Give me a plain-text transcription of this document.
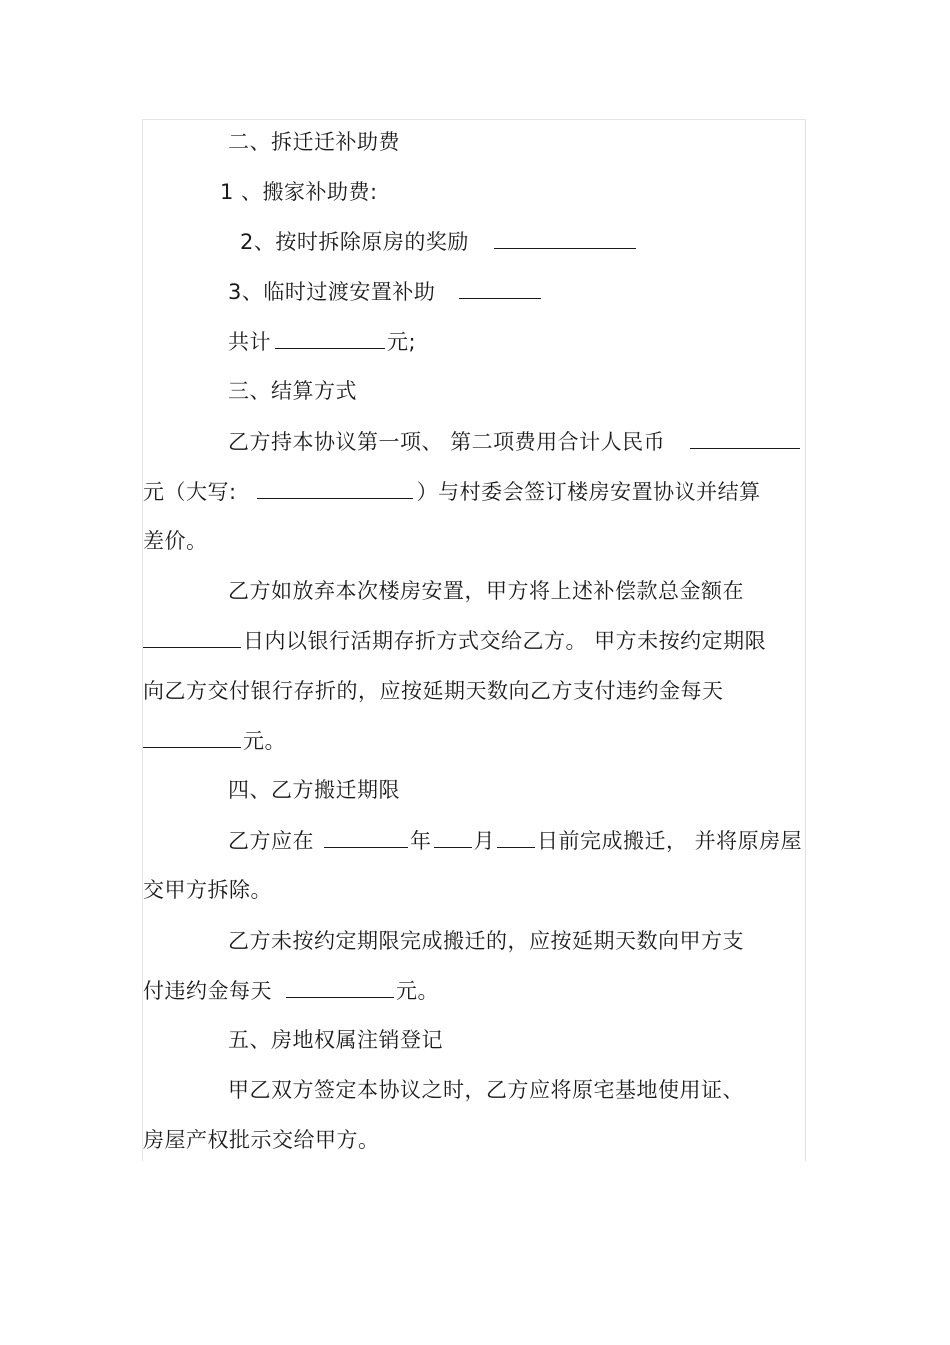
二、拆迁迁补助费
1 、搬家补助费:
2、按时拆除原房的奖励
3、临时过渡安置补助
共计	元;
三、结算方式
乙方持本协议第一项、 第二项费用合计人民币
元（大写:	）与村委会签订楼房安置协议并结算
差价。
乙方如放弃本次楼房安置，甲方将上述补偿款总金额在
日内以银行活期存折方式交给乙方。 甲方未按约定期限
向乙方交付银行存折的，应按延期天数向乙方支付违约金每天
元。
四、乙方搬迁期限
乙方应在	年 月 日前完成搬迁， 并将原房屋
交甲方拆除。
乙方未按约定期限完成搬迁的，应按延期天数向甲方支
付违约金每天	元。
五、房地权属注销登记
甲乙双方签定本协议之时，乙方应将原宅基地使用证、
房屋产权批示交给甲方。
